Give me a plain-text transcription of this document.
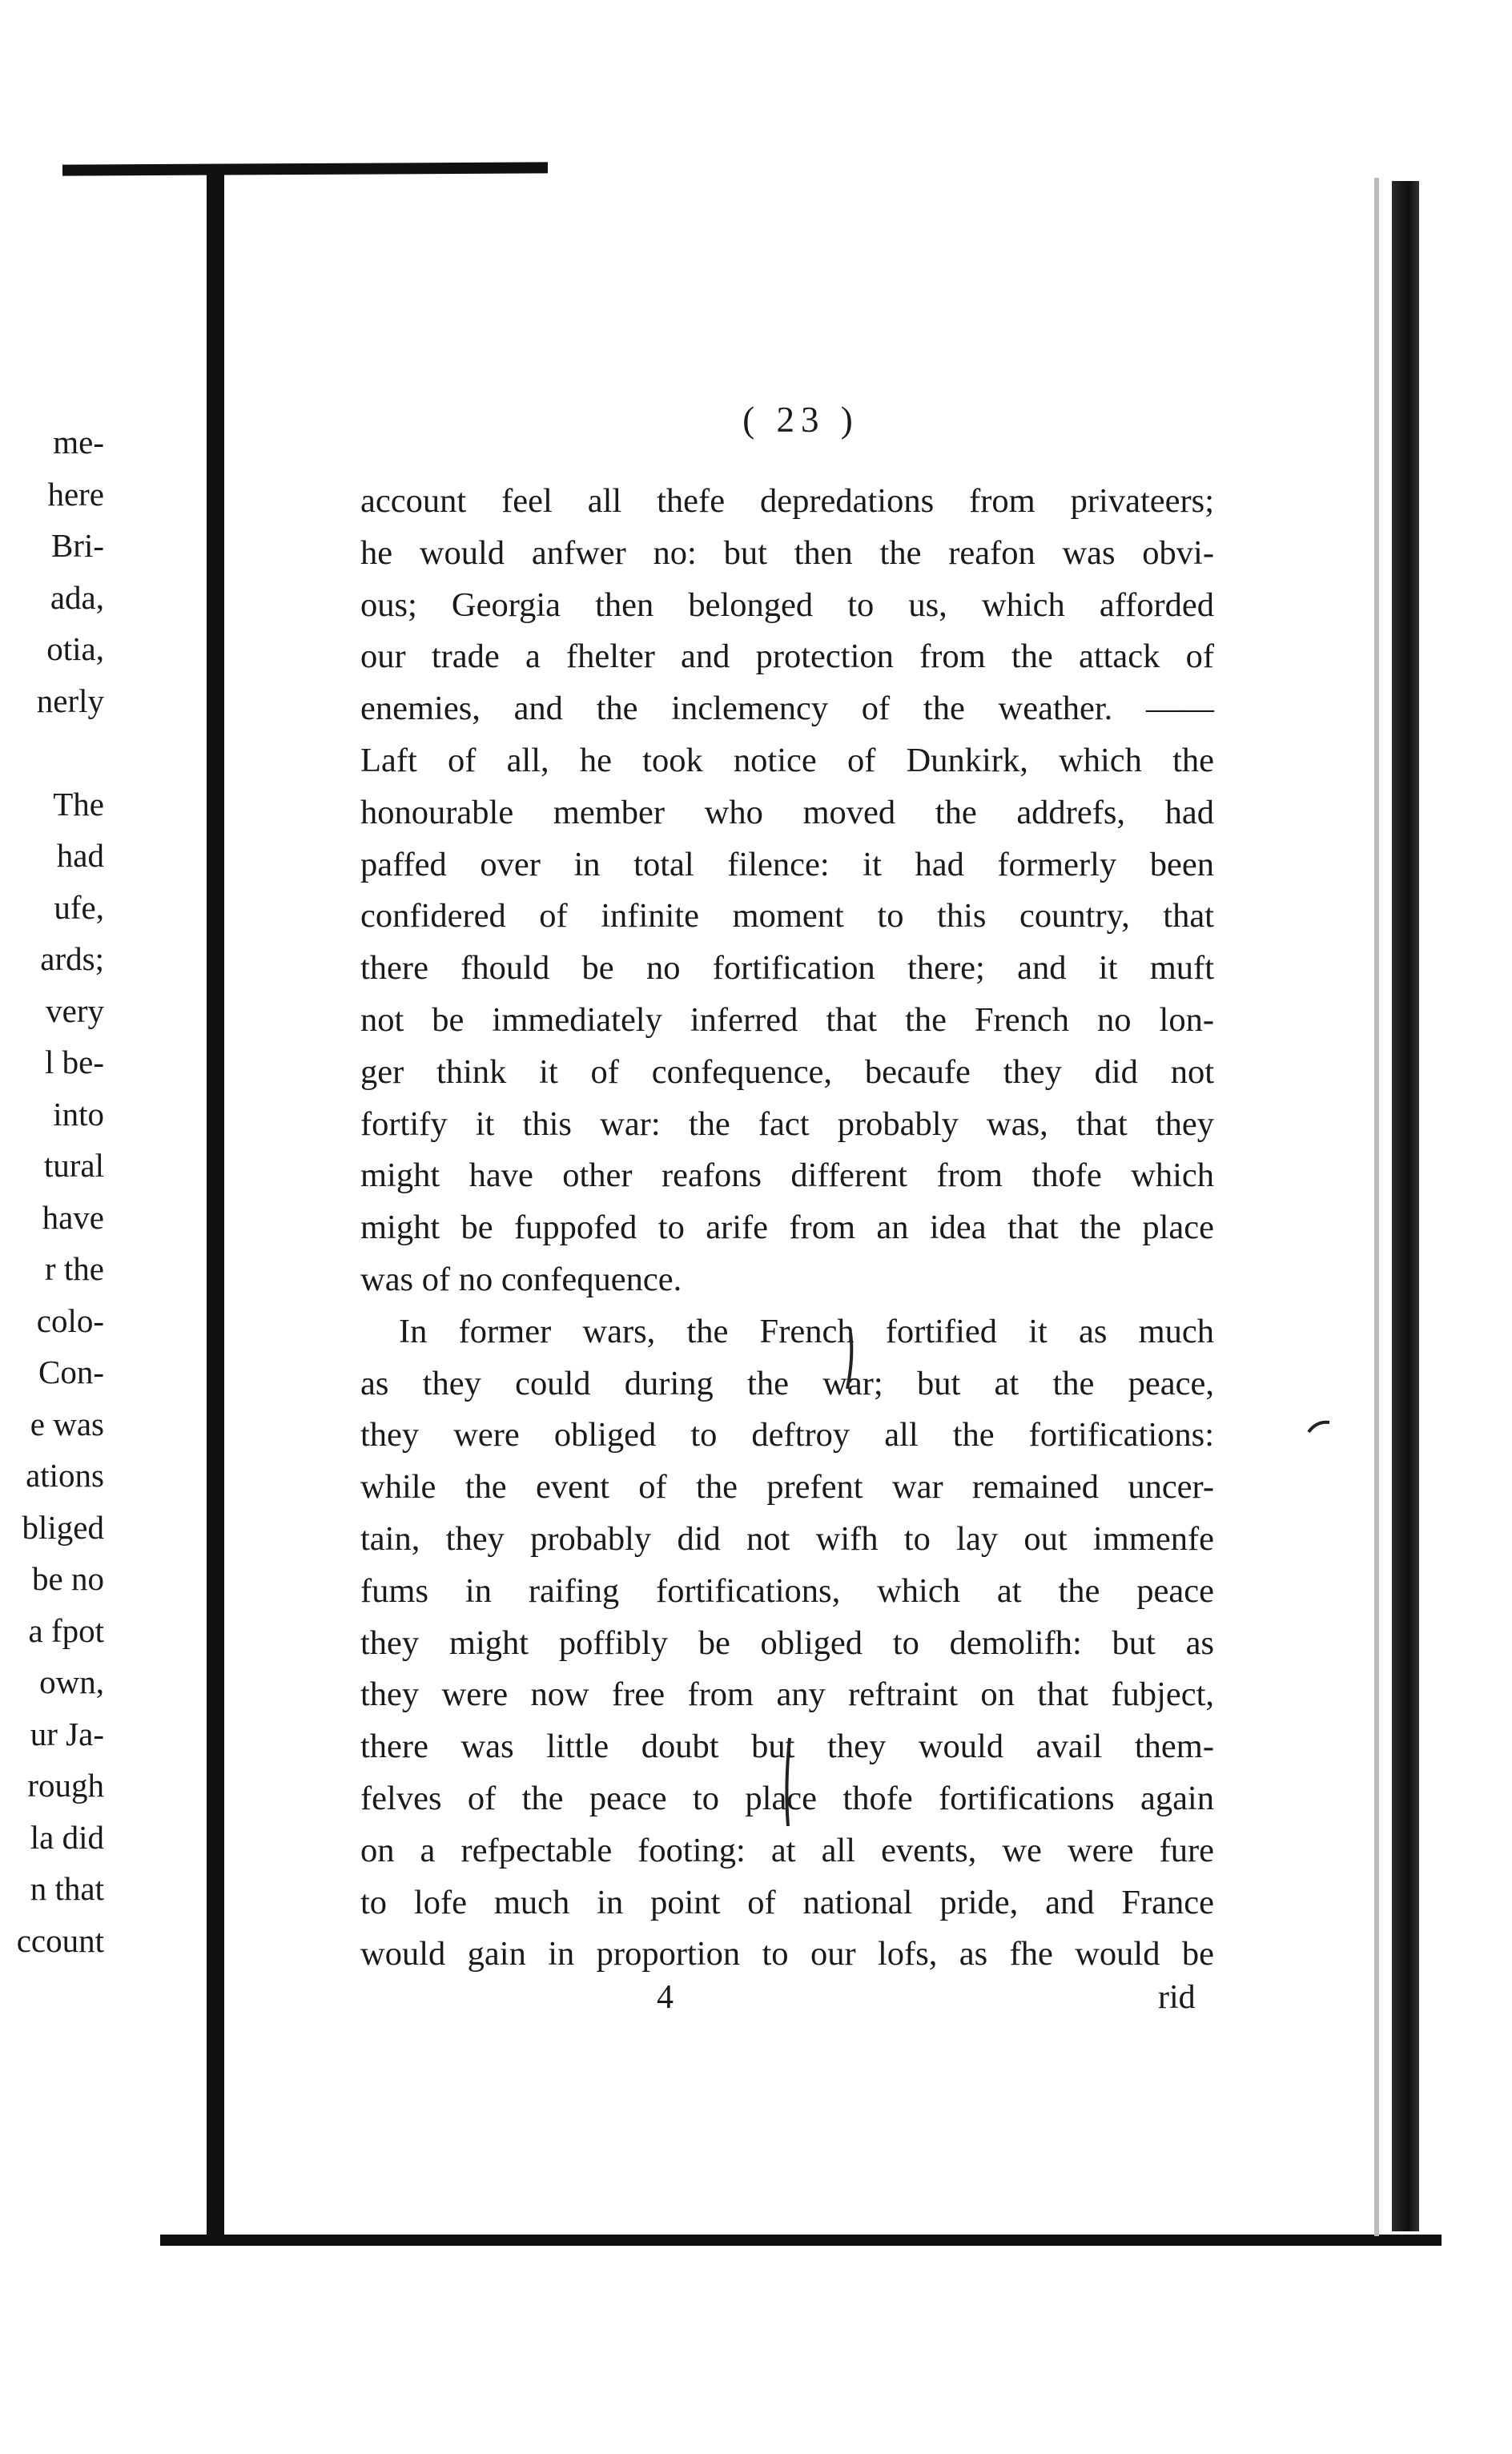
me-
here
Bri-
ada,
otia,
nerly
The
had
ufe,
ards;
very
l be-
into
tural
have
r the
colo-
Con-
e was
ations
bliged
be no
a fpot
own,
ur Ja-
rough
la did
n that
ccount
( 23 )
account feel all thefe depredations from privateers;
he would anfwer no: but then the reafon was obvi-
ous; Georgia then belonged to us, which afforded
our trade a fhelter and protection from the attack of
enemies, and the inclemency of the weather. ——
Laft of all, he took notice of Dunkirk, which the
honourable member who moved the addrefs, had
paffed over in total filence: it had formerly been
confidered of infinite moment to this country, that
there fhould be no fortification there; and it muft
not be immediately inferred that the French no lon-
ger think it of confequence, becaufe they did not
fortify it this war: the fact probably was, that they
might have other reafons different from thofe which
might be fuppofed to arife from an idea that the place
was of no confequence.
In former wars, the French fortified it as much
as they could during the war; but at the peace,
they were obliged to deftroy all the fortifications:
while the event of the prefent war remained uncer-
tain, they probably did not wifh to lay out immenfe
fums in raifing fortifications, which at the peace
they might poffibly be obliged to demolifh: but as
they were now free from any reftraint on that fubject,
there was little doubt but they would avail them-
felves of the peace to place thofe fortifications again
on a refpectable footing: at all events, we were fure
to lofe much in point of national pride, and France
would gain in proportion to our lofs, as fhe would be
4	rid
